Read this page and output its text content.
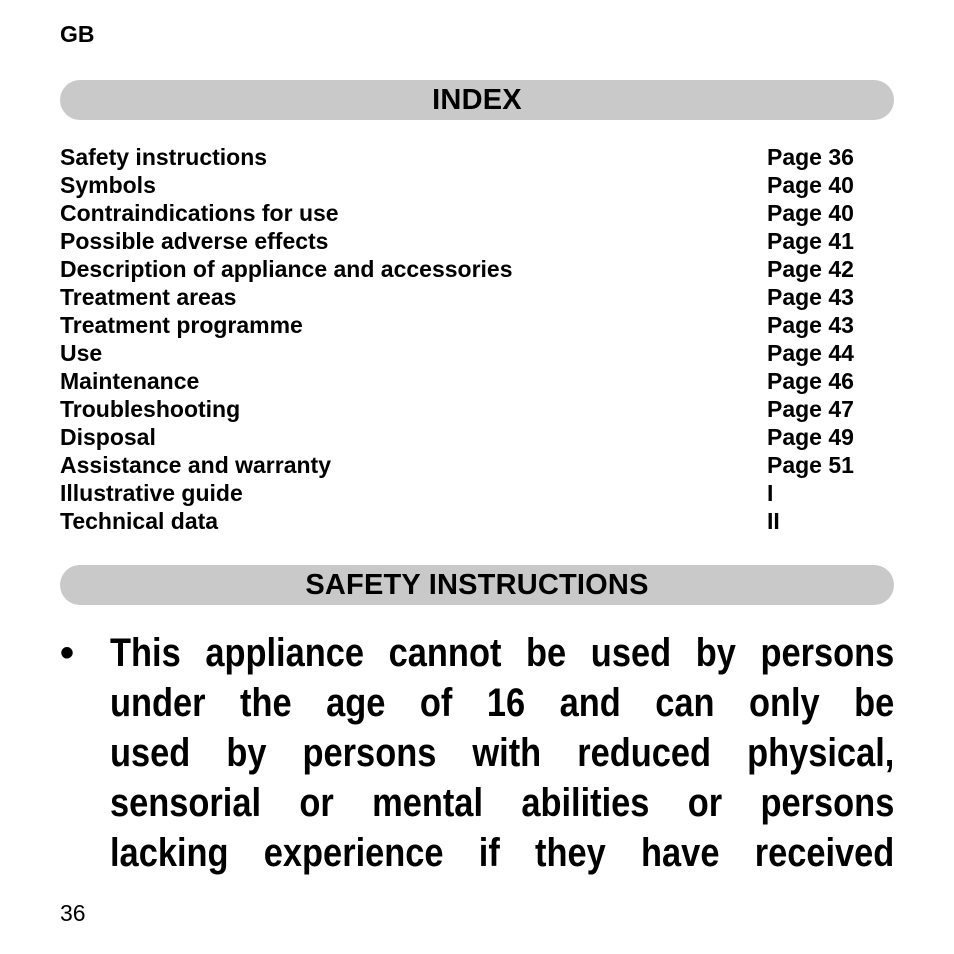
GB
INDEX
Safety instructions	Page 36
Symbols	Page 40
Contraindications for use	Page 40
Possible adverse effects	Page 41
Description of appliance and accessories	Page 42
Treatment areas	Page 43
Treatment programme	Page 43
Use	Page 44
Maintenance	Page 46
Troubleshooting	Page 47
Disposal	Page 49
Assistance and warranty	Page 51
Illustrative guide	I
Technical data	II
SAFETY INSTRUCTIONS
• This appliance cannot be used by persons
under the age of 16 and can only be
used by persons with reduced physical,
sensorial or mental abilities or persons
lacking experience if they have received
36
